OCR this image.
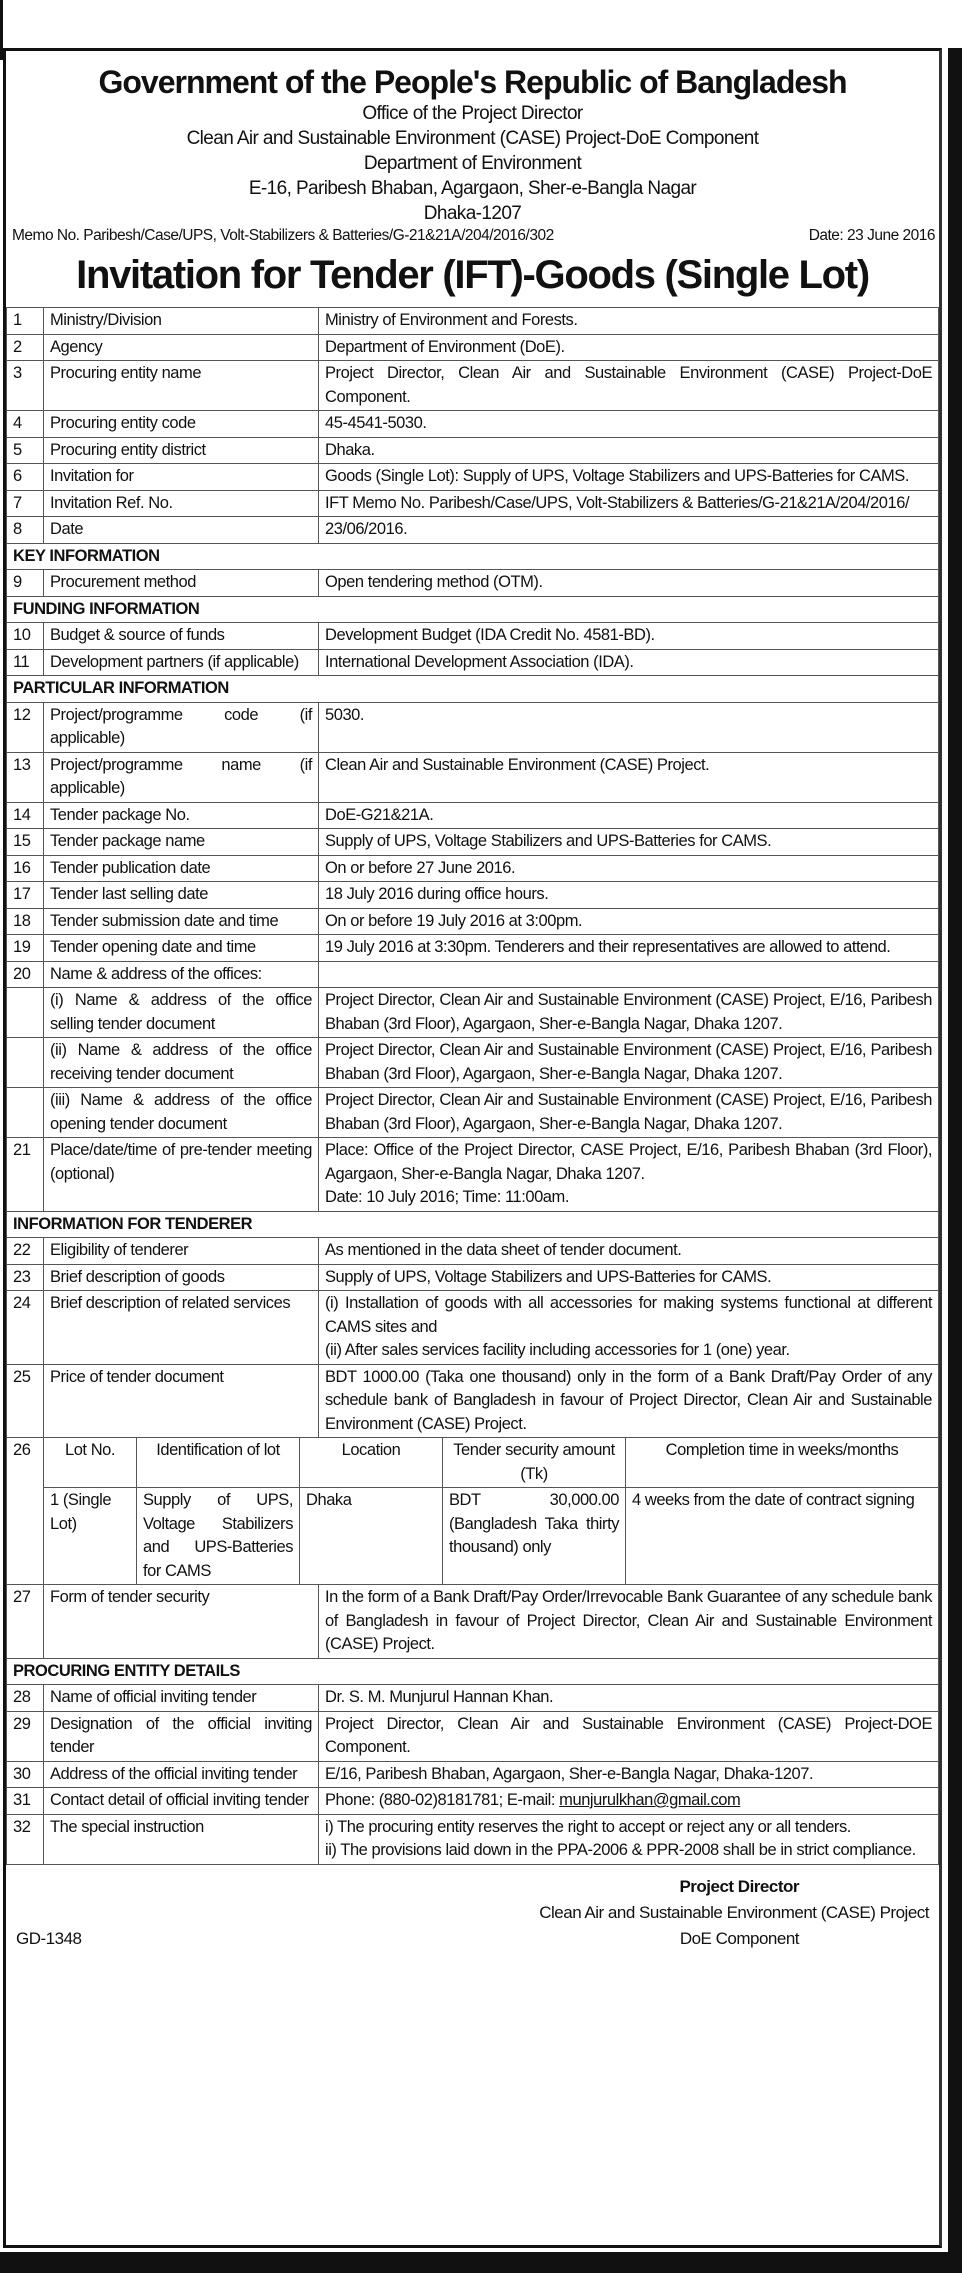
Government of the People's Republic of Bangladesh
Office of the Project Director
Clean Air and Sustainable Environment (CASE) Project-DoE Component
Department of Environment
E-16, Paribesh Bhaban, Agargaon, Sher-e-Bangla Nagar
Dhaka-1207
Memo No. Paribesh/Case/UPS, Volt-Stabilizers & Batteries/G-21&21A/204/2016/302	Date: 23 June 2016
Invitation for Tender (IFT)-Goods (Single Lot)
1	Ministry/Division	Ministry of Environment and Forests.
2	Agency	Department of Environment (DoE).
3	Procuring entity name	Project Director, Clean Air and Sustainable Environment (CASE) Project-DoE Component.
4	Procuring entity code	45-4541-5030.
5	Procuring entity district	Dhaka.
6	Invitation for	Goods (Single Lot): Supply of UPS, Voltage Stabilizers and UPS-Batteries for CAMS.
7	Invitation Ref. No.	IFT Memo No. Paribesh/Case/UPS, Volt-Stabilizers & Batteries/G-21&21A/204/2016/
8	Date	23/06/2016.
KEY INFORMATION
9	Procurement method	Open tendering method (OTM).
FUNDING INFORMATION
10	Budget & source of funds	Development Budget (IDA Credit No. 4581-BD).
11	Development partners (if applicable)	International Development Association (IDA).
PARTICULAR INFORMATION
12	Project/programme code (if applicable)	5030.
13	Project/programme name (if applicable)	Clean Air and Sustainable Environment (CASE) Project.
14	Tender package No.	DoE-G21&21A.
15	Tender package name	Supply of UPS, Voltage Stabilizers and UPS-Batteries for CAMS.
16	Tender publication date	On or before 27 June 2016.
17	Tender last selling date	18 July 2016 during office hours.
18	Tender submission date and time	On or before 19 July 2016 at 3:00pm.
19	Tender opening date and time	19 July 2016 at 3:30pm. Tenderers and their representatives are allowed to attend.
20	Name & address of the offices:	
	(i) Name & address of the office selling tender document	Project Director, Clean Air and Sustainable Environment (CASE) Project, E/16, Paribesh Bhaban (3rd Floor), Agargaon, Sher-e-Bangla Nagar, Dhaka 1207.
	(ii) Name & address of the office receiving tender document	Project Director, Clean Air and Sustainable Environment (CASE) Project, E/16, Paribesh Bhaban (3rd Floor), Agargaon, Sher-e-Bangla Nagar, Dhaka 1207.
	(iii) Name & address of the office opening tender document	Project Director, Clean Air and Sustainable Environment (CASE) Project, E/16, Paribesh Bhaban (3rd Floor), Agargaon, Sher-e-Bangla Nagar, Dhaka 1207.
21	Place/date/time of pre-tender meeting (optional)	Place: Office of the Project Director, CASE Project, E/16, Paribesh Bhaban (3rd Floor), Agargaon, Sher-e-Bangla Nagar, Dhaka 1207.
Date: 10 July 2016; Time: 11:00am.

INFORMATION FOR TENDERER
22	Eligibility of tenderer	As mentioned in the data sheet of tender document.
23	Brief description of goods	Supply of UPS, Voltage Stabilizers and UPS-Batteries for CAMS.
24	Brief description of related services	(i) Installation of goods with all accessories for making systems functional at different CAMS sites and
(ii) After sales services facility including accessories for 1 (one) year.

25	Price of tender document	BDT 1000.00 (Taka one thousand) only in the form of a Bank Draft/Pay Order of any schedule bank of Bangladesh in favour of Project Director, Clean Air and Sustainable Environment (CASE) Project.
26	Lot No.	Identification of lot	Location	Tender security amount (Tk)	Completion time in weeks/months
1 (Single Lot)	Supply of UPS, Voltage Stabilizers and UPS-Batteries for CAMS	Dhaka	BDT 30,000.00 (Bangladesh Taka thirty thousand) only	4 weeks from the date of contract signing

27	Form of tender security	In the form of a Bank Draft/Pay Order/Irrevocable Bank Guarantee of any schedule bank of Bangladesh in favour of Project Director, Clean Air and Sustainable Environment (CASE) Project.
PROCURING ENTITY DETAILS
28	Name of official inviting tender	Dr. S. M. Munjurul Hannan Khan.
29	Designation of the official inviting tender	Project Director, Clean Air and Sustainable Environment (CASE) Project-DOE Component.
30	Address of the official inviting tender	E/16, Paribesh Bhaban, Agargaon, Sher-e-Bangla Nagar, Dhaka-1207.
31	Contact detail of official inviting tender	Phone: (880-02)8181781; E-mail: munjurulkhan@gmail.com
32	The special instruction	i) The procuring entity reserves the right to accept or reject any or all tenders.
ii) The provisions laid down in the PPA-2006 & PPR-2008 shall be in strict compliance.
Project Director
Clean Air and Sustainable Environment (CASE) Project
DoE Component
GD-1348
